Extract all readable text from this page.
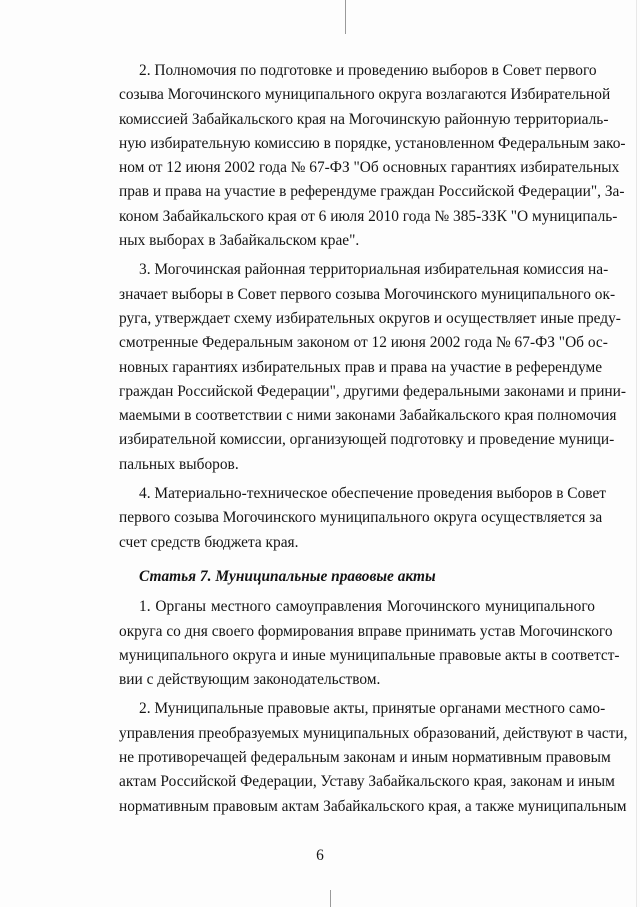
2. Полномочия по подготовке и проведению выборов в Совет первого
созыва Могочинского муниципального округа возлагаются Избирательной
комиссией Забайкальского края на Могочинскую районную территориаль-
ную избирательную комиссию в порядке, установленном Федеральным зако-
ном от 12 июня 2002 года № 67-ФЗ "Об основных гарантиях избирательных
прав и права на участие в референдуме граждан Российской Федерации", За-
коном Забайкальского края от 6 июля 2010 года № 385-ЗЗК "О муниципаль-
ных выборах в Забайкальском крае".

3. Могочинская районная территориальная избирательная комиссия на-
значает выборы в Совет первого созыва Могочинского муниципального ок-
руга, утверждает схему избирательных округов и осуществляет иные преду-
смотренные Федеральным законом от 12 июня 2002 года № 67-ФЗ "Об ос-
новных гарантиях избирательных прав и права на участие в референдуме
граждан Российской Федерации", другими федеральными законами и прини-
маемыми в соответствии с ними законами Забайкальского края полномочия
избирательной комиссии, организующей подготовку и проведение муници-
пальных выборов.

4. Материально-техническое обеспечение проведения выборов в Совет
первого созыва Могочинского муниципального округа осуществляется за
счет средств бюджета края.

Статья 7. Муниципальные правовые акты

1. Органы местного самоуправления Могочинского муниципального
округа со дня своего формирования вправе принимать устав Могочинского
муниципального округа и иные муниципальные правовые акты в соответст-
вии с действующим законодательством.

2. Муниципальные правовые акты, принятые органами местного само-
управления преобразуемых муниципальных образований, действуют в части,
не противоречащей федеральным законам и иным нормативным правовым
актам Российской Федерации, Уставу Забайкальского края, законам и иным
нормативным правовым актам Забайкальского края, а также муниципальным

6
